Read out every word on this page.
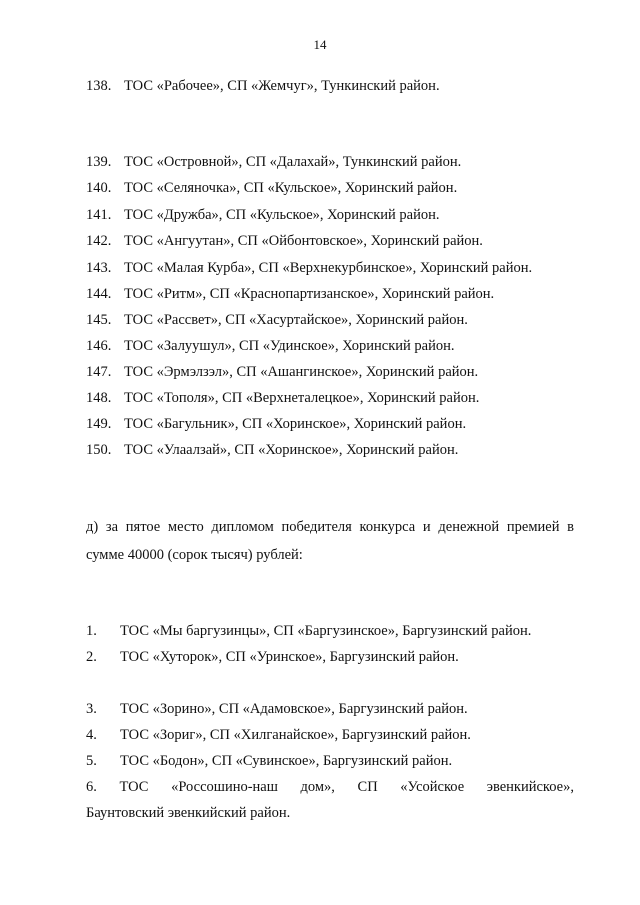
14
138. ТОС «Рабочее», СП «Жемчуг», Тункинский район.
139. ТОС «Островной», СП «Далахай», Тункинский район.
140. ТОС «Селяночка», СП «Кульское», Хоринский район.
141. ТОС «Дружба», СП «Кульское», Хоринский район.
142. ТОС «Ангуутан», СП «Ойбонтовское», Хоринский район.
143. ТОС «Малая Курба», СП «Верхнекурбинское», Хоринский район.
144. ТОС «Ритм», СП «Краснопартизанское», Хоринский район.
145. ТОС «Рассвет», СП «Хасуртайское», Хоринский район.
146. ТОС «Залуушул», СП «Удинское», Хоринский район.
147. ТОС «Эрмэлзэл», СП «Ашангинское», Хоринский район.
148. ТОС «Тополя», СП «Верхнеталецкое», Хоринский район.
149. ТОС «Багульник», СП «Хоринское», Хоринский район.
150. ТОС «Улаалзай», СП «Хоринское», Хоринский район.
д) за пятое место дипломом победителя конкурса и денежной премией в сумме 40000 (сорок тысяч) рублей:
1. ТОС «Мы баргузинцы», СП «Баргузинское», Баргузинский район.
2. ТОС «Хуторок», СП «Уринское», Баргузинский район.
3. ТОС «Зорино», СП «Адамовское», Баргузинский район.
4. ТОС «Зориг», СП «Хилганайское», Баргузинский район.
5. ТОС «Бодон», СП «Сувинское», Баргузинский район.
6. ТОС «Россошино-наш дом», СП «Усойское эвенкийское»,
Баунтовский эвенкийский район.
